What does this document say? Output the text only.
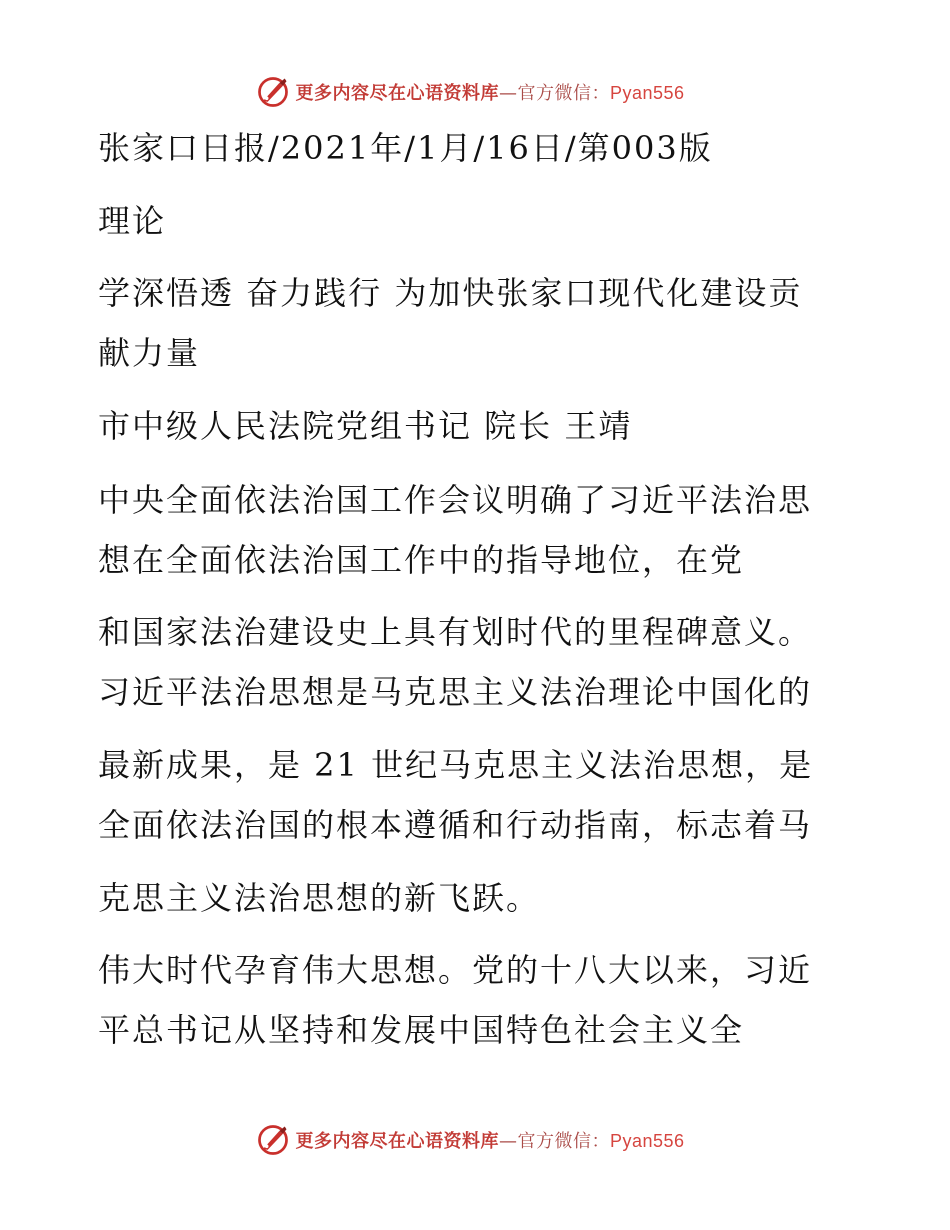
更多内容尽在心语资料库—官方微信：Pyan556
张家口日报/2021年/1月/16日/第003版
理论
学深悟透 奋力践行 为加快张家口现代化建设贡
献力量
市中级人民法院党组书记 院长 王靖
中央全面依法治国工作会议明确了习近平法治思
想在全面依法治国工作中的指导地位，在党
和国家法治建设史上具有划时代的里程碑意义。
习近平法治思想是马克思主义法治理论中国化的
最新成果，是 21 世纪马克思主义法治思想，是
全面依法治国的根本遵循和行动指南，标志着马
克思主义法治思想的新飞跃。
伟大时代孕育伟大思想。党的十八大以来，习近
平总书记从坚持和发展中国特色社会主义全
更多内容尽在心语资料库—官方微信：Pyan556
